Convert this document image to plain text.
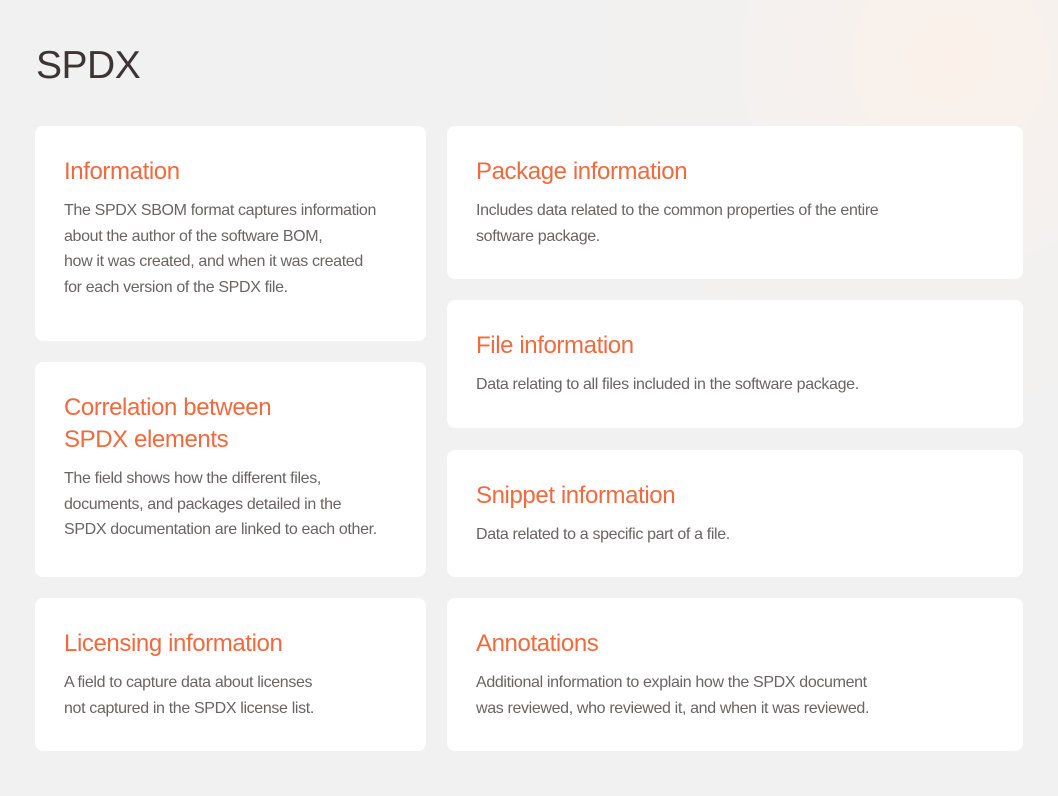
SPDX
Information

The SPDX SBOM format captures information
about the author of the software BOM,
how it was created, and when it was created
for each version of the SPDX file.

Correlation between
SPDX elements

The field shows how the different files,
documents, and packages detailed in the
SPDX documentation are linked to each other.

Licensing information

A field to capture data about licenses
not captured in the SPDX license list.

Package information

Includes data related to the common properties of the entire
software package.

File information

Data relating to all files included in the software package.

Snippet information

Data related to a specific part of a file.

Annotations

Additional information to explain how the SPDX document
was reviewed, who reviewed it, and when it was reviewed.
